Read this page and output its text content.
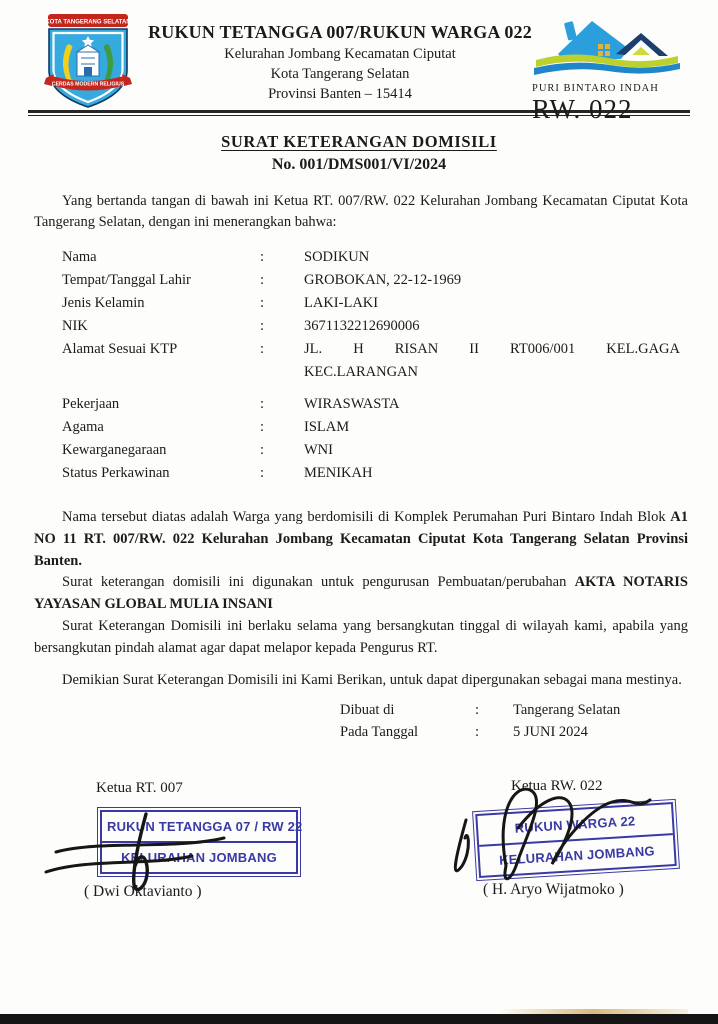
KOTA TANGERANG SELATAN
CERDAS MODERN RELIGIUS
RUKUN TETANGGA 007/RUKUN WARGA 022
Kelurahan Jombang Kecamatan Ciputat
Kota Tangerang Selatan
Provinsi Banten – 15414	PURI BINTARO INDAH
RW. 022
SURAT KETERANGAN DOMISILI
No. 001/DMS001/VI/2024

Yang bertanda tangan di bawah ini Ketua RT. 007/RW. 022 Kelurahan Jombang Kecamatan Ciputat Kota Tangerang Selatan, dengan ini menerangkan bahwa:

Nama	:	SODIKUN
Tempat/Tanggal Lahir	:	GROBOKAN, 22-12-1969
Jenis Kelamin	:	LAKI-LAKI
NIK	:	3671132212690006
Alamat Sesuai KTP	:	JL. H RISAN II RT006/001 KEL.GAGA
KEC.LARANGAN
Pekerjaan	:	WIRASWASTA
Agama	:	ISLAM
Kewarganegaraan	:	WNI
Status Perkawinan	:	MENIKAH

Nama tersebut diatas adalah Warga yang berdomisili di Komplek Perumahan Puri Bintaro Indah Blok A1 NO 11 RT. 007/RW. 022 Kelurahan Jombang Kecamatan Ciputat Kota Tangerang Selatan Provinsi Banten.

Surat keterangan domisili ini digunakan untuk pengurusan Pembuatan/perubahan AKTA NOTARIS YAYASAN GLOBAL MULIA INSANI

Surat Keterangan Domisili ini berlaku selama yang bersangkutan tinggal di wilayah kami, apabila yang bersangkutan pindah alamat agar dapat melapor kepada Pengurus RT.

Demikian Surat Keterangan Domisili ini Kami Berikan, untuk dapat dipergunakan sebagai mana mestinya.

Dibuat di	:	Tangerang Selatan
Pada Tanggal	:	5 JUNI 2024
Ketua RT. 007
RUKUN TETANGGA 07 / RW 22
KELURAHAN JOMBANG
( Dwi Oktavianto )
Ketua RW. 022
RUKUN WARGA 22
KELURAHAN JOMBANG
( H. Aryo Wijatmoko )
